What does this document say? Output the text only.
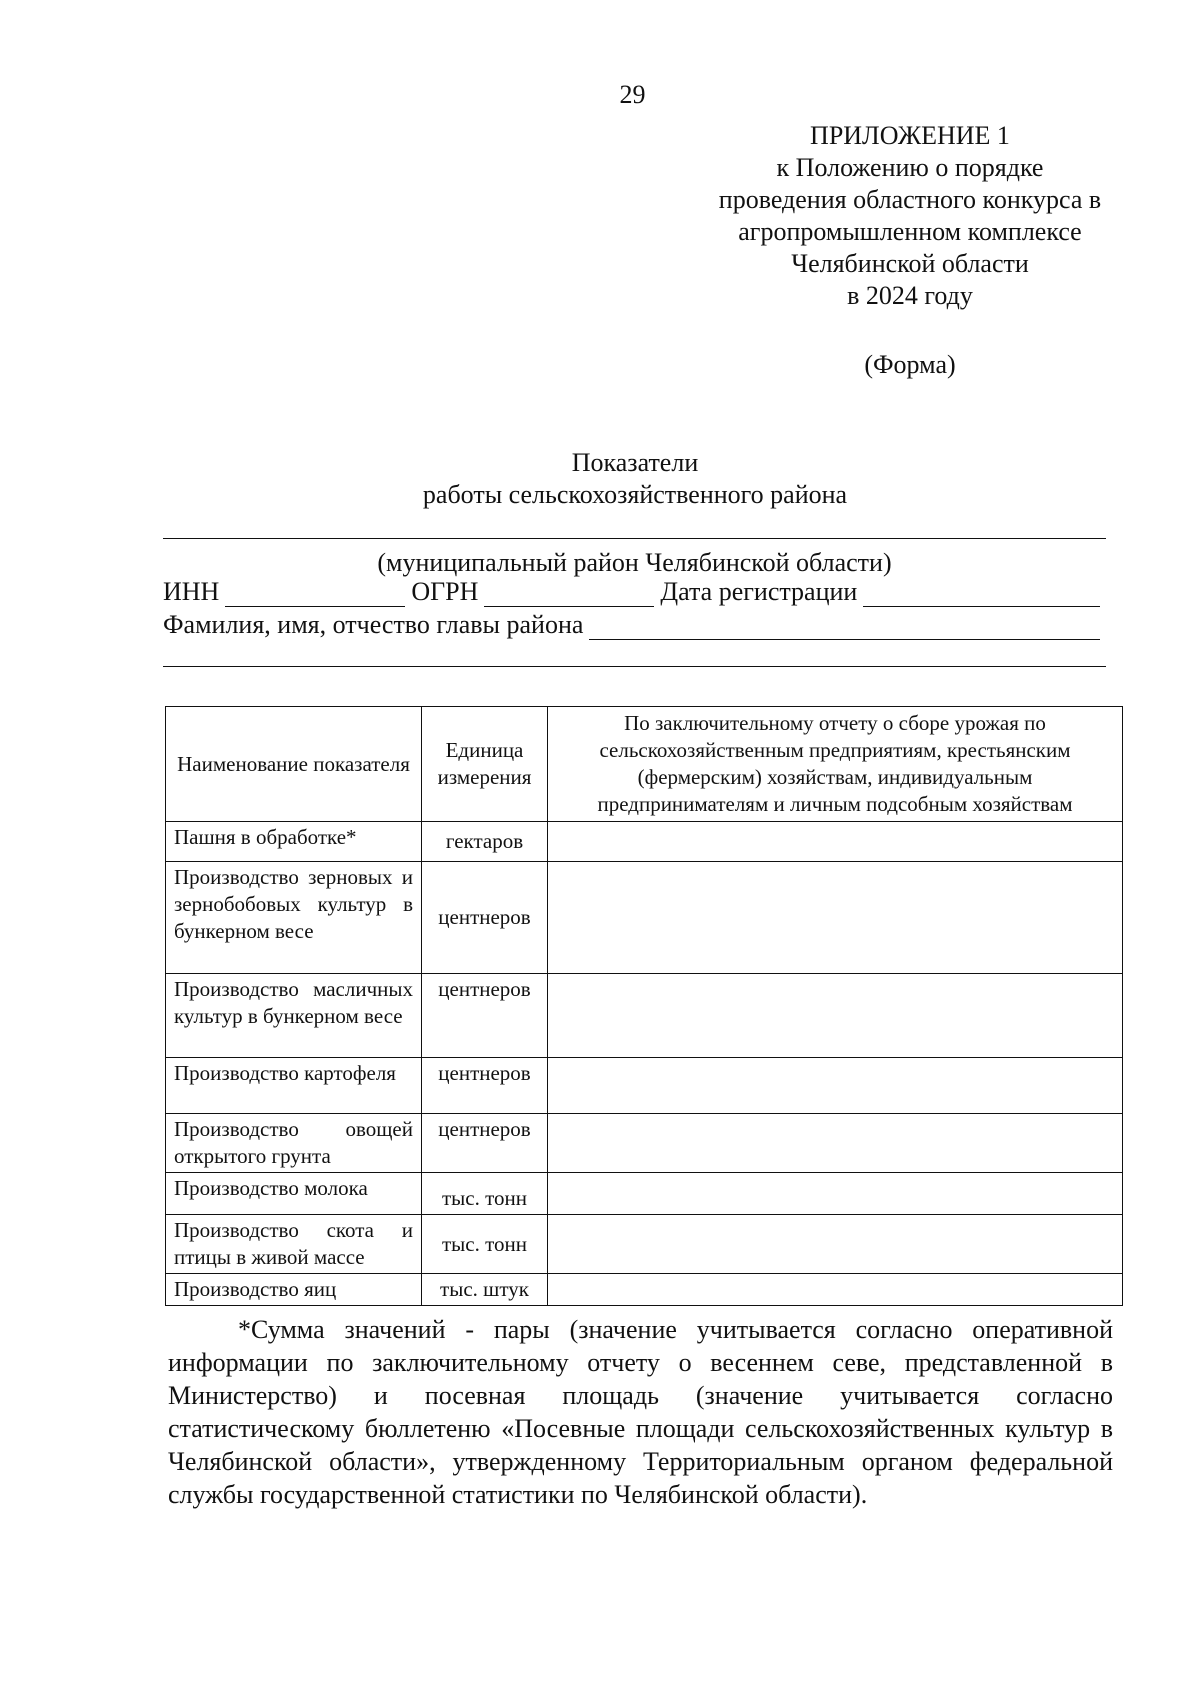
29
ПРИЛОЖЕНИЕ 1
к Положению о порядке
проведения областного конкурса в
агропромышленном комплексе
Челябинской области
в 2024 году
(Форма)
Показатели
работы сельскохозяйственного района
(муниципальный район Челябинской области)
ИНН	ОГРН	Дата регистрации
Фамилия, имя, отчество главы района
Наименование показателя	Единица измерения	По заключительному отчету о сборе урожая по сельскохозяйственным предприятиям, крестьянским (фермерским) хозяйствам, индивидуальным предпринимателям и личным подсобным хозяйствам
Пашня в обработке*	гектаров	
Производство зерновых и зернобобовых культур в бункерном весе	центнеров	
Производство масличных культур в бункерном весе	центнеров	
Производство картофеля	центнеров	
Производство овощей открытого грунта	центнеров	
Производство молока	тыс. тонн	
Производство скота и птицы в живой массе	тыс. тонн	
Производство яиц	тыс. штук	
*Сумма значений - пары (значение учитывается согласно оперативной информации по заключительному отчету о весеннем севе, представленной в Министерство) и посевная площадь (значение учитывается согласно статистическому бюллетеню «Посевные площади сельскохозяйственных культур в Челябинской области», утвержденному Территориальным органом федеральной службы государственной статистики по Челябинской области).
